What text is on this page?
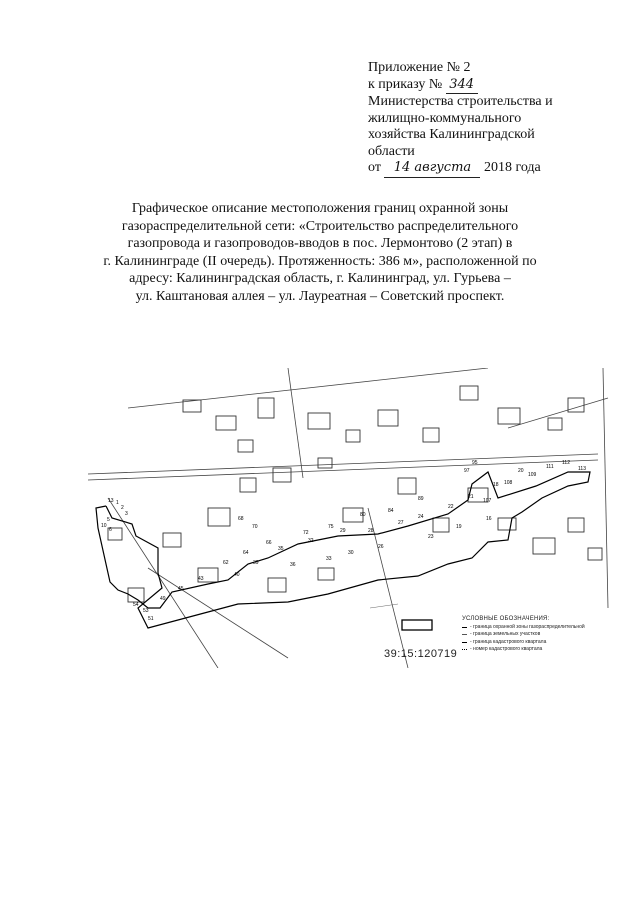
Приложение № 2
к приказу № 344
Министерства строительства и
жилищно-коммунального
хозяйства Калининградской
области
от 14 августа 2018 года
Графическое описание местоположения границ охранной зоны
газораспределительной сети: «Строительство распределительного
газопровода и газопроводов-вводов в пос. Лермонтово (2 этап) в
г. Калининграде (II очередь). Протяженность: 386 м», расположенной по
адресу: Калининградская область, г. Калининград, ул. Гурьева –
ул. Каштановая аллея – ул. Лауреатная – Советский проспект.
13 1
2
3
5
10
6
54
53
51
49
45
43
40
39
35
32
29	28
27
24
22
21
18
20
111
112
113
109
108
107
97
95
89
84
80
75
72
66
64
62
68
70
36
33
30
26
23
19
16
39:15:120719
УСЛОВНЫЕ ОБОЗНАЧЕНИЯ:
- граница охранной зоны газораспределительной
- граница земельных участков
- граница кадастрового квартала
- номер кадастрового квартала
